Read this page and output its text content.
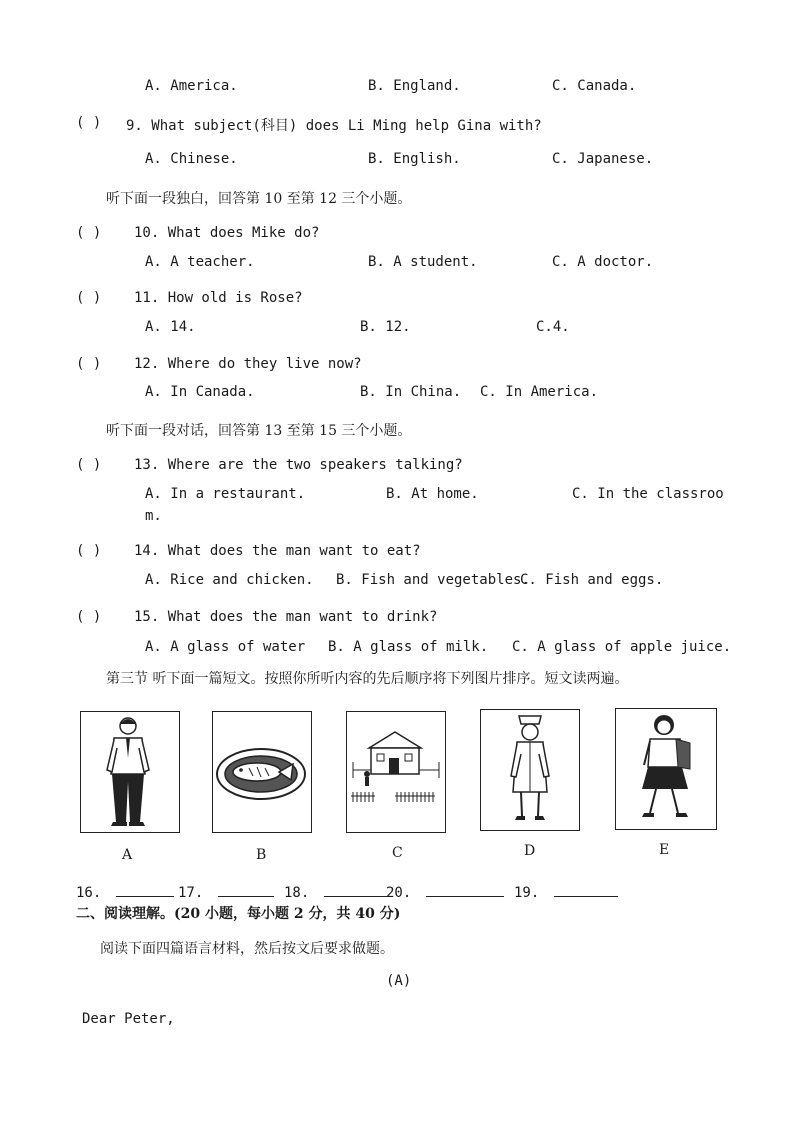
A. America.	B. England.	C. Canada.
( ) 9. What subject(科目) does Li Ming help Gina with?
A. Chinese.	B. English.	C. Japanese.
听下面一段独白，回答第 10 至第 12 三个小题。
( ) 10. What does Mike do?
A. A teacher.	B. A student.	C. A doctor.
( ) 11. How old is Rose?
A. 14.	B. 12.	C.4.
( ) 12. Where do they live now?
A. In Canada.	B. In China. C. In America.
听下面一段对话，回答第 13 至第 15 三个小题。
( ) 13. Where are the two speakers talking?
A. In a restaurant.	B. At home.	C. In the classroo
m.
( ) 14. What does the man want to eat?
A. Rice and chicken. B. Fish and vegetables.
C. Fish and eggs.
( ) 15. What does the man want to drink?
A. A glass of water B. A glass of milk. C. A glass of apple juice.
第三节 听下面一篇短文。按照你所听内容的先后顺序将下列图片排序。短文读两遍。
A	B	C	D	E
16.	17.	18.	20.	19.
二、阅读理解。(20 小题，每小题 2 分，共 40 分)
阅读下面四篇语言材料，然后按文后要求做题。
(A)
Dear Peter,
